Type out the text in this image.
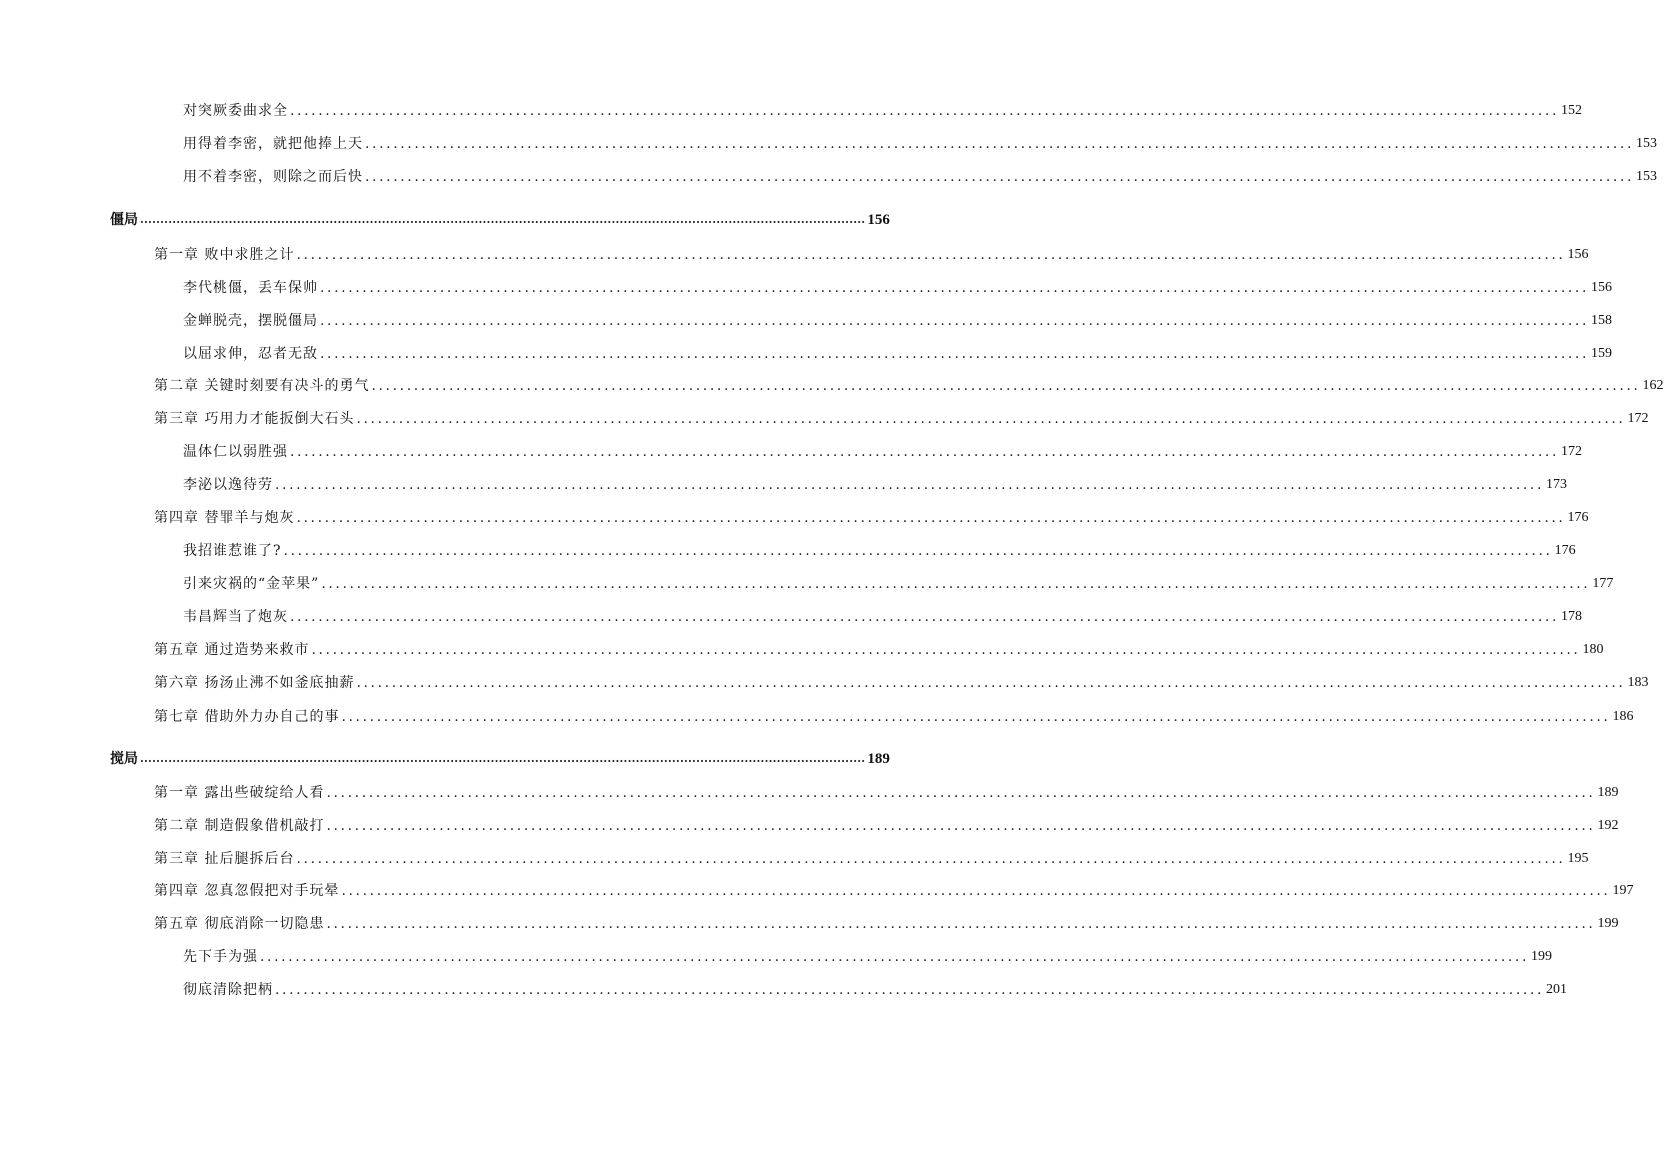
对突厥委曲求全 .................................................................................................................................................................................... 152
用得着李密，就把他捧上天 .................................................................................................................................................................................... 153
用不着李密，则除之而后快 .................................................................................................................................................................................... 153
僵局 .................................................................................................................................................................................... 156
第一章 败中求胜之计 .................................................................................................................................................................................... 156
李代桃僵，丢车保帅 .................................................................................................................................................................................... 156
金蝉脱壳，摆脱僵局 .................................................................................................................................................................................... 158
以屈求伸，忍者无敌 .................................................................................................................................................................................... 159
第二章 关键时刻要有决斗的勇气 .................................................................................................................................................................................... 162
第三章 巧用力才能扳倒大石头 .................................................................................................................................................................................... 172
温体仁以弱胜强 .................................................................................................................................................................................... 172
李泌以逸待劳 .................................................................................................................................................................................... 173
第四章 替罪羊与炮灰 .................................................................................................................................................................................... 176
我招谁惹谁了? .................................................................................................................................................................................... 176
引来灾祸的“金苹果” .................................................................................................................................................................................... 177
韦昌辉当了炮灰 .................................................................................................................................................................................... 178
第五章 通过造势来救市 .................................................................................................................................................................................... 180
第六章 扬汤止沸不如釜底抽薪 .................................................................................................................................................................................... 183
第七章 借助外力办自己的事 .................................................................................................................................................................................... 186
搅局 .................................................................................................................................................................................... 189
第一章 露出些破绽给人看 .................................................................................................................................................................................... 189
第二章 制造假象借机敲打 .................................................................................................................................................................................... 192
第三章 扯后腿拆后台 .................................................................................................................................................................................... 195
第四章 忽真忽假把对手玩晕 .................................................................................................................................................................................... 197
第五章 彻底消除一切隐患 .................................................................................................................................................................................... 199
先下手为强 .................................................................................................................................................................................... 199
彻底清除把柄 .................................................................................................................................................................................... 201
